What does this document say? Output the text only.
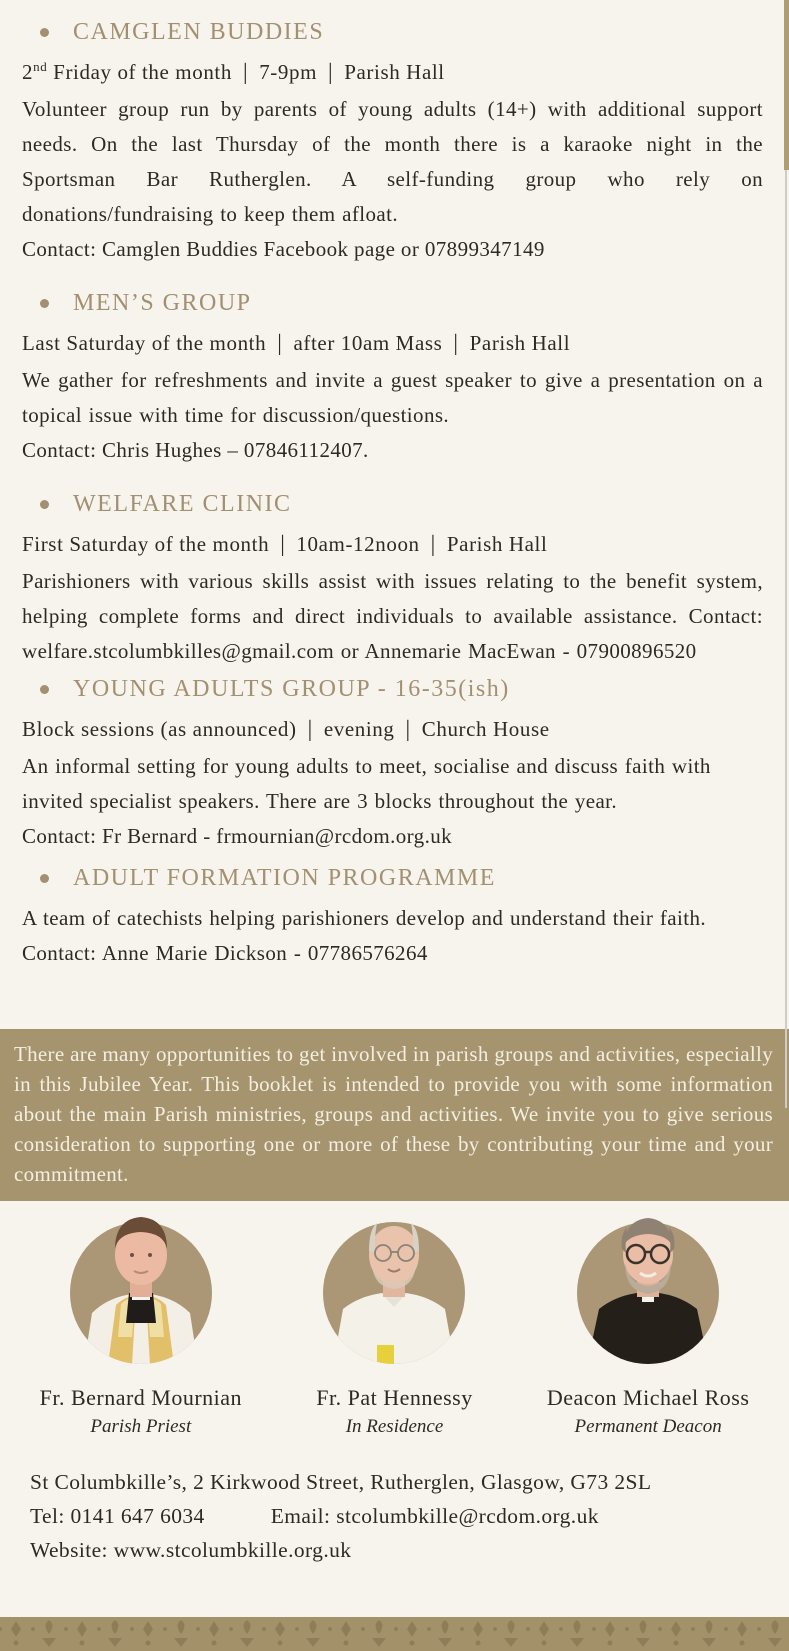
CAMGLEN BUDDIES
2nd Friday of the month | 7-9pm | Parish Hall

Volunteer group run by parents of young adults (14+) with additional support needs. On the last Thursday of the month there is a karaoke night in the Sportsman Bar Rutherglen. A self-funding group who rely on donations/fundraising to keep them afloat.

Contact: Camglen Buddies Facebook page or 07899347149
MEN’S GROUP
Last Saturday of the month | after 10am Mass | Parish Hall

We gather for refreshments and invite a guest speaker to give a presentation on a topical issue with time for discussion/questions.

Contact: Chris Hughes – 07846112407.
WELFARE CLINIC
First Saturday of the month | 10am-12noon | Parish Hall

Parishioners with various skills assist with issues relating to the benefit system, helping complete forms and direct individuals to available assistance. Contact: welfare.stcolumbkilles@gmail.com or Annemarie MacEwan - 07900896520

YOUNG ADULTS GROUP - 16-35(ish)
Block sessions (as announced) | evening | Church House

An informal setting for young adults to meet, socialise and discuss faith with invited specialist speakers. There are 3 blocks throughout the year.

Contact: Fr Bernard - frmournian@rcdom.org.uk
ADULT FORMATION PROGRAMME

A team of catechists helping parishioners develop and understand their faith. Contact: Anne Marie Dickson - 07786576264

There are many opportunities to get involved in parish groups and activities, especially in this Jubilee Year. This booklet is intended to provide you with some information about the main Parish ministries, groups and activities. We invite you to give serious consideration to supporting one or more of these by contributing your time and your commitment.
Fr. Bernard Mournian
Parish Priest
Fr. Pat Hennessy
In Residence
Deacon Michael Ross
Permanent Deacon
St Columbkille’s, 2 Kirkwood Street, Rutherglen, Glasgow, G73 2SL
Tel: 0141 647 6034	Email: stcolumbkille@rcdom.org.uk
Website: www.stcolumbkille.org.uk
